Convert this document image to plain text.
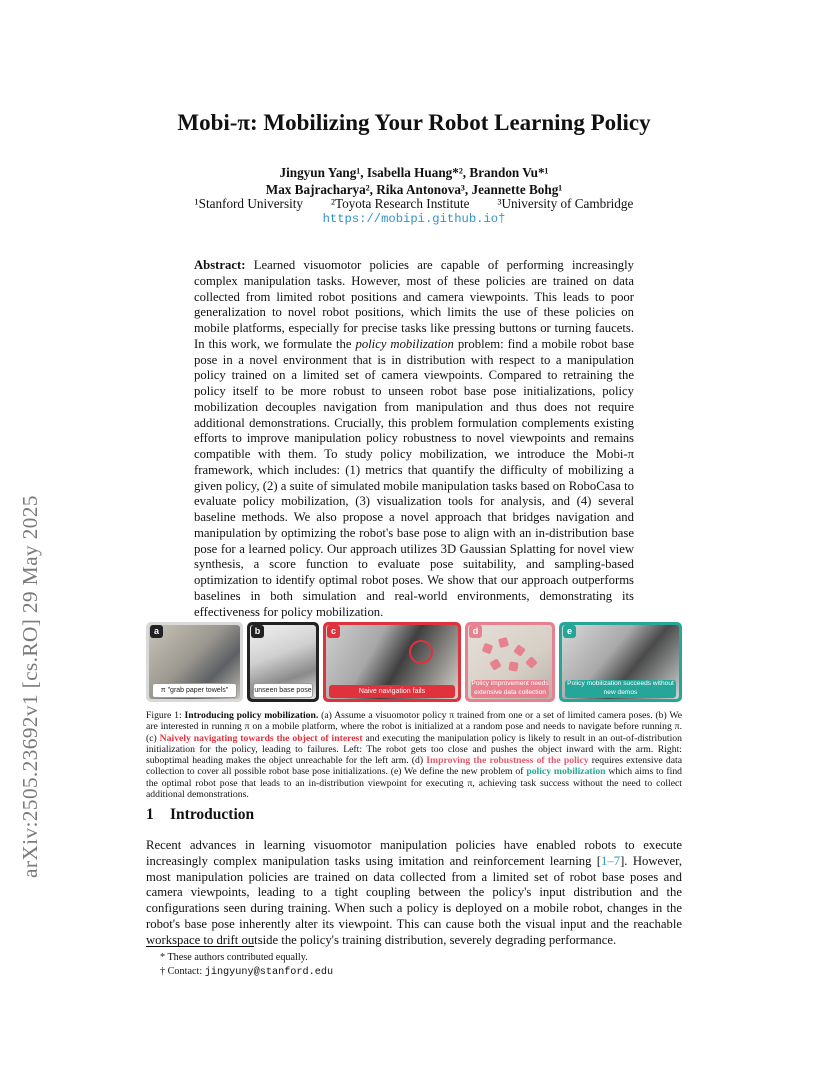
arXiv:2505.23692v1 [cs.RO] 29 May 2025
Mobi-π: Mobilizing Your Robot Learning Policy
Jingyun Yang¹, Isabella Huang*², Brandon Vu*¹
Max Bajracharya², Rika Antonova³, Jeannette Bohg¹
¹Stanford University ²Toyota Research Institute ³University of Cambridge
https://mobipi.github.io†
Abstract: Learned visuomotor policies are capable of performing increasingly complex manipulation tasks. However, most of these policies are trained on data collected from limited robot positions and camera viewpoints. This leads to poor generalization to novel robot positions, which limits the use of these policies on mobile platforms, especially for precise tasks like pressing buttons or turning faucets. In this work, we formulate the policy mobilization problem: find a mobile robot base pose in a novel environment that is in distribution with respect to a manipulation policy trained on a limited set of camera viewpoints. Compared to retraining the policy itself to be more robust to unseen robot base pose initializations, policy mobilization decouples navigation from manipulation and thus does not require additional demonstrations. Crucially, this problem formulation complements existing efforts to improve manipulation policy robustness to novel viewpoints and remains compatible with them. To study policy mobilization, we introduce the Mobi-π framework, which includes: (1) metrics that quantify the difficulty of mobilizing a given policy, (2) a suite of simulated mobile manipulation tasks based on RoboCasa to evaluate policy mobilization, (3) visualization tools for analysis, and (4) several baseline methods. We also propose a novel approach that bridges navigation and manipulation by optimizing the robot's base pose to align with an in-distribution base pose for a learned policy. Our approach utilizes 3D Gaussian Splatting for novel view synthesis, a score function to evaluate pose suitability, and sampling-based optimization to identify optimal robot poses. We show that our approach outperforms baselines in both simulation and real-world environments, demonstrating its effectiveness for policy mobilization.
a
π "grab paper towels"
b
unseen base pose
c
Naive navigation fails
d
Policy improvement needs extensive data collection
e
Policy mobilization succeeds without new demos
Figure 1: Introducing policy mobilization. (a) Assume a visuomotor policy π trained from one or a set of limited camera poses. (b) We are interested in running π on a mobile platform, where the robot is initialized at a random pose and needs to navigate before running π. (c) Naively navigating towards the object of interest and executing the manipulation policy is likely to result in an out-of-distribution initialization for the policy, leading to failures. Left: The robot gets too close and pushes the object inward with the arm. Right: suboptimal heading makes the object unreachable for the left arm. (d) Improving the robustness of the policy requires extensive data collection to cover all possible robot base pose initializations. (e) We define the new problem of policy mobilization which aims to find the optimal robot pose that leads to an in-distribution viewpoint for executing π, achieving task success without the need to collect additional demonstrations.
1 Introduction
Recent advances in learning visuomotor manipulation policies have enabled robots to execute increasingly complex manipulation tasks using imitation and reinforcement learning [1–7]. However, most manipulation policies are trained on data collected from a limited set of robot base poses and camera viewpoints, leading to a tight coupling between the policy's input distribution and the configurations seen during training. When such a policy is deployed on a mobile robot, changes in the robot's base pose inherently alter its viewpoint. This can cause both the visual input and the reachable workspace to drift outside the policy's training distribution, severely degrading performance.
* These authors contributed equally.
† Contact: jingyuny@stanford.edu
